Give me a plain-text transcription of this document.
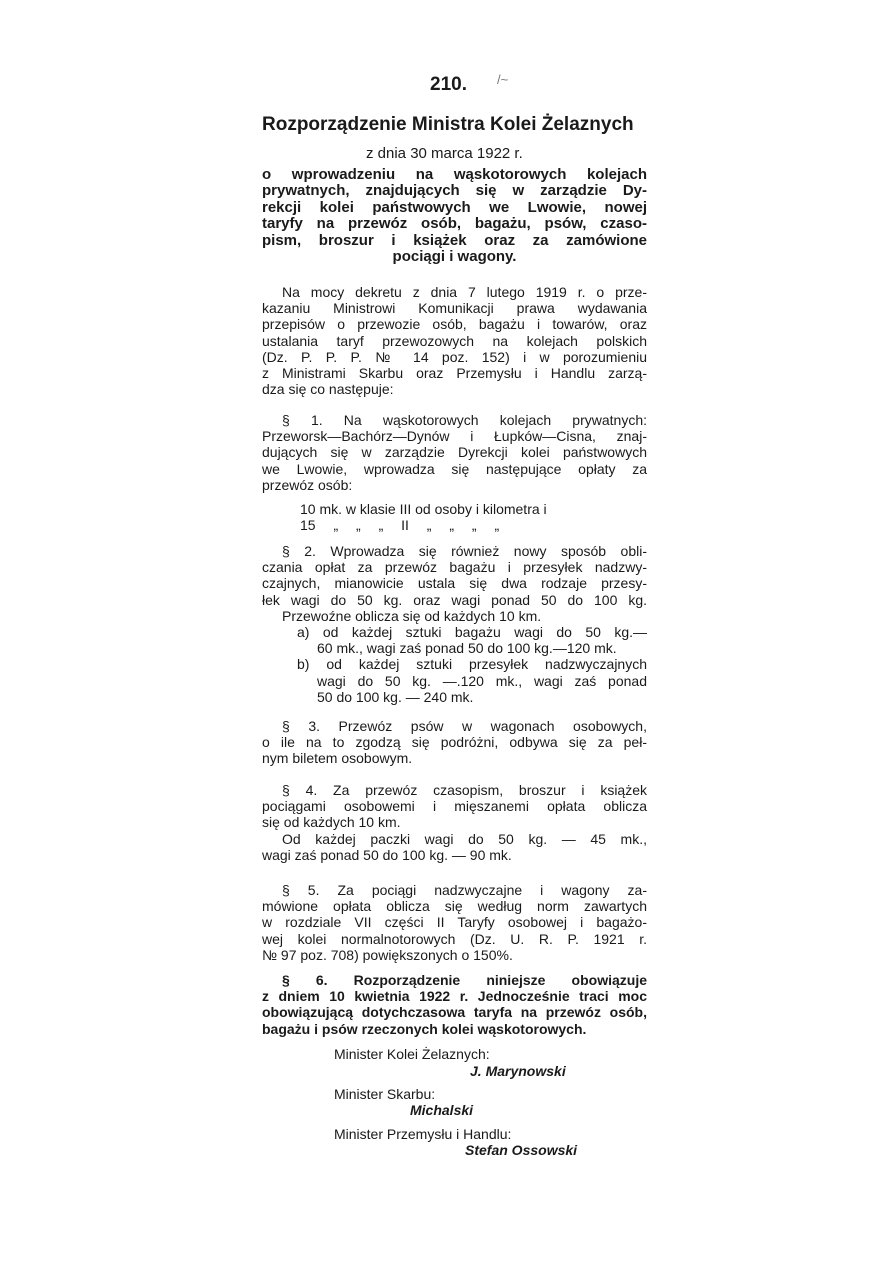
210. /~
Rozporządzenie Ministra Kolei Żelaznych
z dnia 30 marca 1922 r.
o wprowadzeniu na wąskotorowych kolejach
prywatnych, znajdujących się w zarządzie Dy-
rekcji kolei państwowych we Lwowie, nowej
taryfy na przewóz osób, bagażu, psów, czaso-
pism, broszur i książek oraz za zamówione
pociągi i wagony.
Na mocy dekretu z dnia 7 lutego 1919 r. o prze-
kazaniu Ministrowi Komunikacji prawa wydawania
przepisów o przewozie osób, bagażu i towarów, oraz
ustalania taryf przewozowych na kolejach polskich
(Dz. P. P. P. № 14 poz. 152) i w porozumieniu
z Ministrami Skarbu oraz Przemysłu i Handlu zarzą-
dza się co następuje:
§ 1. Na wąskotorowych kolejach prywatnych:
Przeworsk—Bachórz—Dynów i Łupków—Cisna, znaj-
dujących się w zarządzie Dyrekcji kolei państwowych
we Lwowie, wprowadza się następujące opłaty za
przewóz osób:
10 mk. w klasie III od osoby i kilometra i
15 „ „ „ II „ „ „ „
§ 2. Wprowadza się również nowy sposób obli-
czania opłat za przewóz bagażu i przesyłek nadzwy-
czajnych, mianowicie ustala się dwa rodzaje przesy-
łek wagi do 50 kg. oraz wagi ponad 50 do 100 kg.
Przewoźne oblicza się od każdych 10 km.
a) od każdej sztuki bagażu wagi do 50 kg.—
60 mk., wagi zaś ponad 50 do 100 kg.—120 mk.
b) od każdej sztuki przesyłek nadzwyczajnych
wagi do 50 kg. —.120 mk., wagi zaś ponad
50 do 100 kg. — 240 mk.
§ 3. Przewóz psów w wagonach osobowych,
o ile na to zgodzą się podróżni, odbywa się za peł-
nym biletem osobowym.
§ 4. Za przewóz czasopism, broszur i książek
pociągami osobowemi i mięszanemi opłata oblicza
się od każdych 10 km.
Od każdej paczki wagi do 50 kg. — 45 mk.,
wagi zaś ponad 50 do 100 kg. — 90 mk.
§ 5. Za pociągi nadzwyczajne i wagony za-
mówione opłata oblicza się według norm zawartych
w rozdziale VII części II Taryfy osobowej i bagażo-
wej kolei normalnotorowych (Dz. U. R. P. 1921 r.
№ 97 poz. 708) powiększonych o 150%.
§ 6. Rozporządzenie niniejsze obowiązuje
z dniem 10 kwietnia 1922 r. Jednocześnie traci moc
obowiązującą dotychczasowa taryfa na przewóz osób,
bagażu i psów rzeczonych kolei wąskotorowych.
Minister Kolei Żelaznych:
J. Marynowski
Minister Skarbu:
Michalski
Minister Przemysłu i Handlu:
Stefan Ossowski
